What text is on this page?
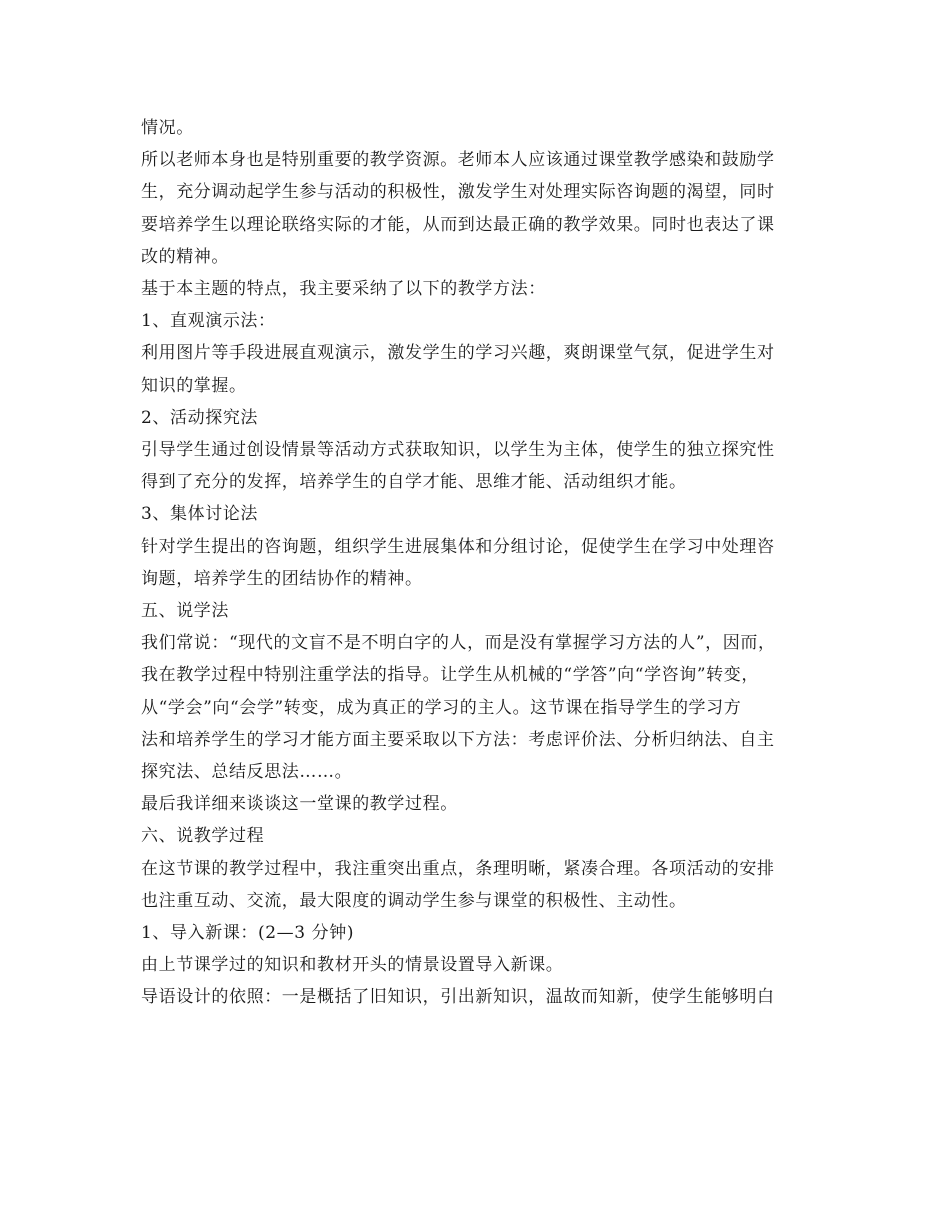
情况。

所以老师本身也是特别重要的教学资源。老师本人应该通过课堂教学感染和鼓励学
生，充分调动起学生参与活动的积极性，激发学生对处理实际咨询题的渴望，同时
要培养学生以理论联络实际的才能，从而到达最正确的教学效果。同时也表达了课
改的精神。

基于本主题的特点，我主要采纳了以下的教学方法：

1、直观演示法：

利用图片等手段进展直观演示，激发学生的学习兴趣，爽朗课堂气氛，促进学生对
知识的掌握。

2、活动探究法

引导学生通过创设情景等活动方式获取知识，以学生为主体，使学生的独立探究性
得到了充分的发挥，培养学生的自学才能、思维才能、活动组织才能。

3、集体讨论法

针对学生提出的咨询题，组织学生进展集体和分组讨论，促使学生在学习中处理咨
询题，培养学生的团结协作的精神。

五、说学法

我们常说：“现代的文盲不是不明白字的人，而是没有掌握学习方法的人”，因而，
我在教学过程中特别注重学法的指导。让学生从机械的“学答”向“学咨询”转变，
从“学会”向“会学”转变，成为真正的学习的主人。这节课在指导学生的学习方
法和培养学生的学习才能方面主要采取以下方法：考虑评价法、分析归纳法、自主
探究法、总结反思法……。

最后我详细来谈谈这一堂课的教学过程。

六、说教学过程

在这节课的教学过程中，我注重突出重点，条理明晰，紧凑合理。各项活动的安排
也注重互动、交流，最大限度的调动学生参与课堂的积极性、主动性。

1、导入新课：(2—3 分钟)

由上节课学过的知识和教材开头的情景设置导入新课。

导语设计的依照：一是概括了旧知识，引出新知识，温故而知新，使学生能够明白
